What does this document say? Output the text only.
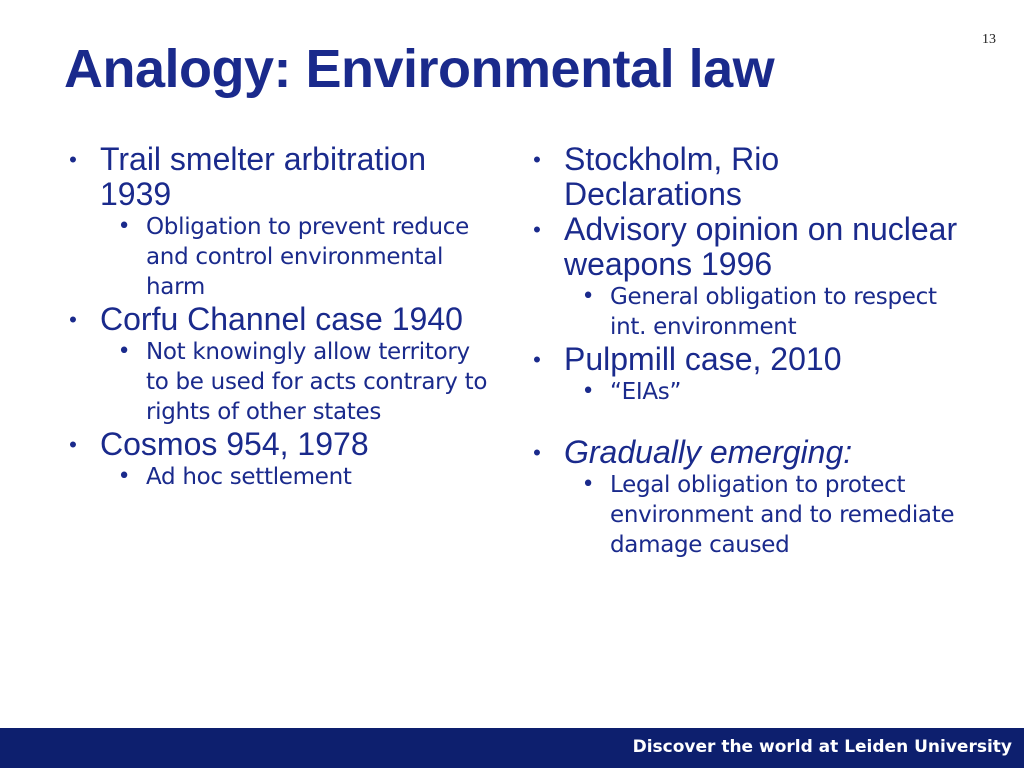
13
Analogy: Environmental law
• Trail smelter arbitration 1939
• Obligation to prevent reduce and control environmental harm
• Corfu Channel case 1940
• Not knowingly allow territory to be used for acts contrary to rights of other states
• Cosmos 954, 1978
• Ad hoc settlement
• Stockholm, Rio Declarations
• Advisory opinion on nuclear weapons 1996
• General obligation to respect int. environment
• Pulpmill case, 2010
• “EIAs”
• Gradually emerging:
• Legal obligation to protect environment and to remediate damage caused
Discover the world at Leiden University
